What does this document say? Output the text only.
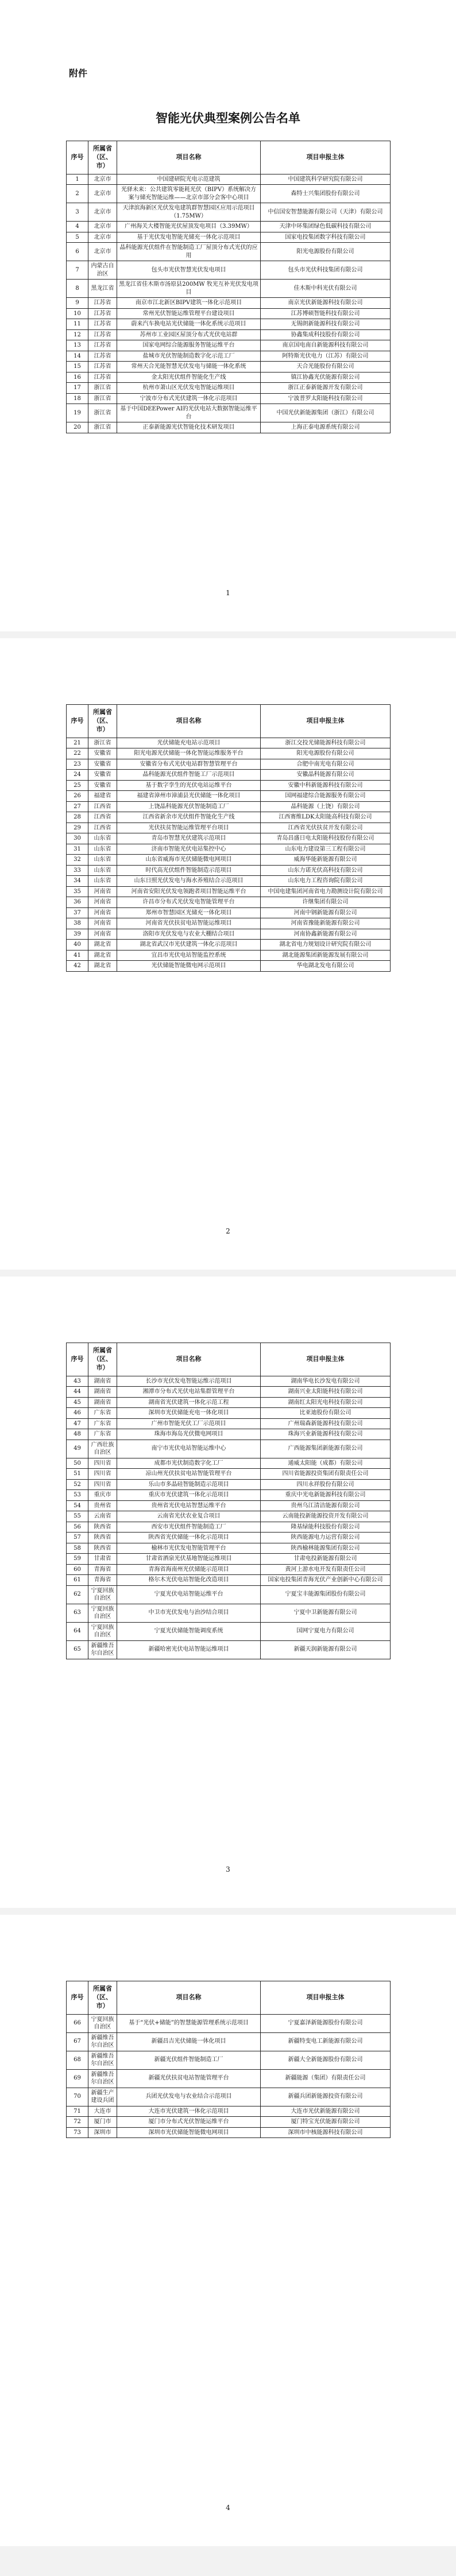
附件
智能光伏典型案例公告名单
序号	所属省（区、市）	项目名称	项目申报主体
1	北京市	中国建研院光电示范建筑	中国建筑科学研究院有限公司
2	北京市	光驿未来：公共建筑零能耗光伏（BIPV）系统解决方案与储充智能运维——北京市部分会客中心项目	森特士兴集团股份有限公司
3	北京市	天津滨海新区光伏发电建筑群智慧园区应用示范项目（1.75MW）	中信国安智慧能源有限公司（天津）有限公司
4	北京市	广州海关大楼智能光伏屋顶发电项目（3.39MW）	天津中环集团绿色低碳科技有限公司
5	北京市	基于光伏发电智能光储充一体化示范项目	国家电投集团数字科技有限公司
6	北京市	晶科能源光伏组件在智能制造工厂屋顶分布式光伏的应用	阳光电源股份有限公司
7	内蒙古自治区	包头市光伏智慧光伏发电项目	包头市光伏科技集团有限公司
8	黑龙江省	黑龙江省佳木斯市汤原县200MW 牧光互补光伏发电项目	佳木斯中科光伏有限公司
9	江苏省	南京市江北新区BIPV建筑一体化示范项目	南京光伏新能源科技有限公司
10	江苏省	常州光伏智能运维管理平台建设项目	江苏博硕智能科技有限公司
11	江苏省	蔚来汽车换电站光伏储能一体化系统示范项目	无锡朗新能源科技有限公司
12	江苏省	苏州市工业园区屋顶分布式光伏电站群	协鑫集成科技股份有限公司
13	江苏省	国家电网综合能源服务智能运维平台	南京国电南自新能源科技有限公司
14	江苏省	盐城市光伏智能制造数字化示范工厂	阿特斯光伏电力（江苏）有限公司
15	江苏省	常州天合光能智慧光伏发电与储能一体化系统	天合光能股份有限公司
16	江苏省	金太阳光伏组件智能化生产线	镇江协鑫光伏能源有限公司
17	浙江省	杭州市萧山区光伏发电智能运维项目	浙江正泰新能源开发有限公司
18	浙江省	宁波市分布式光伏建筑一体化示范项目	宁波普罗太阳能科技有限公司
19	浙江省	基于中国DEEPower AI的光伏电站大数据智能运维平台	中国光伏新能源集团（浙江）有限公司
20	浙江省	正泰新能源光伏智能化技术研发项目	上海正泰电源系统有限公司
1
序号	所属省（区、市）	项目名称	项目申报主体
21	浙江省	光伏储能充电站示范项目	浙江交投光储能源科技有限公司
22	安徽省	阳光电源光伏储能一体化智能运维服务平台	阳光电源股份有限公司
23	安徽省	安徽省分布式光伏电站群智慧管理平台	合肥中南光电有限公司
24	安徽省	晶科能源光伏组件智能工厂示范项目	安徽晶科能源有限公司
25	安徽省	基于数字孪生的光伏电站运维平台	安徽中科新能源科技有限公司
26	福建省	福建省漳州市漳浦县光伏储能一体化项目	国网福建综合能源服务有限公司
27	江西省	上饶晶科能源光伏智能制造工厂	晶科能源（上饶）有限公司
28	江西省	江西省新余市光伏组件智能化生产线	江西赛维LDK太阳能高科技有限公司
29	江西省	光伏扶贫智能运维管理平台项目	江西省光伏扶贫开发有限公司
30	山东省	青岛市智慧光伏建筑示范项目	青岛昌盛日电太阳能科技股份有限公司
31	山东省	济南市智能光伏电站集控中心	山东电力建设第三工程有限公司
32	山东省	山东省威海市光伏储能微电网项目	威海华能新能源有限公司
33	山东省	时代高光伏组件智能制造示范项目	山东力诺光伏高科技有限公司
34	山东省	山东日照光伏发电与海水养殖结合示范项目	山东电力工程咨询院有限公司
35	河南省	河南省安阳光伏发电领跑者项目智能运维平台	中国电建集团河南省电力勘测设计院有限公司
36	河南省	许昌市分布式光伏发电智能管理平台	许继集团有限公司
37	河南省	郑州市智慧园区光储充一体化项目	河南中钢新能源有限公司
38	河南省	河南省光伏扶贫电站智能运维项目	河南省豫能新能源有限公司
39	河南省	洛阳市光伏发电与农业大棚结合项目	河南协鑫新能源有限公司
40	湖北省	湖北省武汉市光伏建筑一体化示范项目	湖北省电力规划设计研究院有限公司
41	湖北省	宜昌市光伏电站智能监控系统	湖北能源集团新能源发展有限公司
42	湖北省	光伏储能智能微电网示范项目	华电湖北发电有限公司
2
序号	所属省（区、市）	项目名称	项目申报主体
43	湖南省	长沙市光伏发电智能运维示范项目	湖南华电长沙发电有限公司
44	湖南省	湘潭市分布式光伏电站集群管理平台	湖南兴业太阳能科技有限公司
45	湖南省	湖南省光伏建筑一体化示范工程	湖南红太阳光电科技有限公司
46	广东省	深圳市光伏储能充电一体化项目	比亚迪股份有限公司
47	广东省	广州市智能光伏工厂示范项目	广州瑞森新能源科技有限公司
48	广东省	珠海市海岛光伏微电网项目	珠海兴业新能源科技有限公司
49	广西壮族自治区	南宁市光伏电站智能运维中心	广西能源集团新能源有限公司
50	四川省	成都市光伏制造数字化工厂	通威太阳能（成都）有限公司
51	四川省	凉山州光伏扶贫电站智能管理平台	四川省能源投资集团有限责任公司
52	四川省	乐山市多晶硅智能制造示范项目	四川永祥股份有限公司
53	重庆市	重庆市光伏建筑一体化示范项目	重庆中光电新能源科技有限公司
54	贵州省	贵州省光伏电站智慧运维平台	贵州乌江清洁能源有限公司
55	云南省	云南省光伏农业复合项目	云南能投新能源投资开发有限公司
56	陕西省	西安市光伏组件智能制造工厂	隆基绿能科技股份有限公司
57	陕西省	陕西省光伏储能一体化示范项目	陕西能源电力运营有限公司
58	陕西省	榆林市光伏发电智能管理平台	陕西榆林能源集团有限公司
59	甘肃省	甘肃省酒泉光伏基地智能运维项目	甘肃电投新能源有限公司
60	青海省	青海省海南州光伏储能示范项目	黄河上游水电开发有限责任公司
61	青海省	格尔木光伏电站智能化改造项目	国家电投集团青海光伏产业创新中心有限公司
62	宁夏回族自治区	宁夏光伏电站智能运维平台	宁夏宝丰能源集团股份有限公司
63	宁夏回族自治区	中卫市光伏发电与治沙结合项目	宁夏中卫新能源有限公司
64	宁夏回族自治区	宁夏光伏储能智能调度系统	国网宁夏电力有限公司
65	新疆维吾尔自治区	新疆哈密光伏电站智能运维项目	新疆天润新能源有限公司
3
序号	所属省（区、市）	项目名称	项目申报主体
66	宁夏回族自治区	基于“光伏+储能”的智慧能源管理系统示范项目	宁夏嘉泽新能源股份有限公司
67	新疆维吾尔自治区	新疆昌吉光伏储能一体化项目	新疆特变电工新能源有限公司
68	新疆维吾尔自治区	新疆光伏组件智能制造工厂	新疆大全新能源股份有限公司
69	新疆维吾尔自治区	新疆光伏扶贫电站智能管理平台	新疆能源（集团）有限责任公司
70	新疆生产建设兵团	兵团光伏发电与农业结合示范项目	新疆兵团新能源投资有限公司
71	大连市	大连市光伏建筑一体化示范项目	大连市光伏新能源有限公司
72	厦门市	厦门市分布式光伏智能运维平台	厦门特宝光伏能源有限公司
73	深圳市	深圳市光伏储能智能微电网项目	深圳市中核能源科技有限公司
4
